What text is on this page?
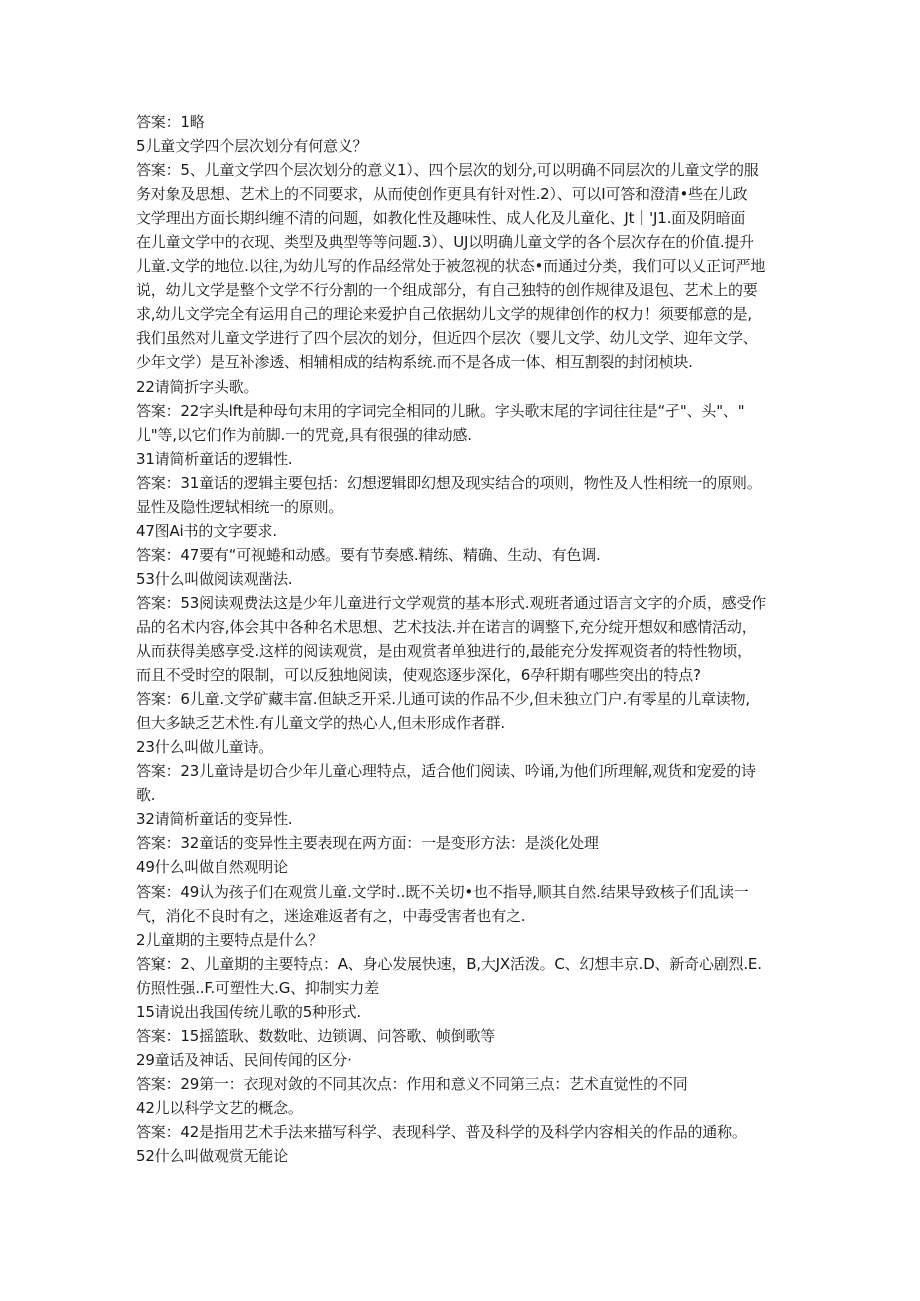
答案：1略
5儿童文学四个层次划分有何意义？
答案：5、儿童文学四个层次划分的意义1）、四个层次的划分,可以明确不同层次的儿童文学的服
务对象及思想、艺术上的不同要求，从而使创作更具有针对性.2）、可以I可答和澄清•些在儿政
文学理出方面长期纠缠不清的问题，如教化性及趣味性、成人化及儿童化、Jt｜'J1.面及阴暗面
在儿童文学中的衣现、类型及典型等等问题.3）、UJ以明确儿童文学的各个层次存在的价值.提升
儿童.文学的地位.以往,为幼儿写的作品经常处于被忽视的状态•而通过分类，我们可以乂正诃严地
说，幼儿文学是整个文学不行分割的一个组成部分，有自己独特的创作规律及退包、艺术上的要
求,幼儿文学完全有运用自己的理论来爱护自己依据幼儿文学的规律创作的权力！须要郁意的是,
我们虽然对儿童文学进行了四个层次的划分，但近四个层次（婴儿文学、幼儿文学、迎年文学、
少年文学）是互补渗透、相辅相成的结构系统.而不是各成一体、相互割裂的封闭桢块.
22请简折字头歌。
答案：22字头lft是种母句末用的字词完全相同的儿瞅。字头歌末尾的字词往往是“孑"、头"、"
儿"等,以它们作为前脚.一的咒竟,具有很强的律动感.
31请简析童话的逻辑性.
答案：31童话的逻辑主要包括：幻想逻辑即幻想及现实结合的项则，物性及人性相统一的原则。
显性及隐性逻轼相统一的原则。
47图Ai书的文字要求.
答案：47要有“可视蜷和动感。要有节奏感.精练、精确、生动、有色调.
53什么叫做阅读观凿法.
答案：53阅读观费法这是少年儿童进行文学观赏的基本形式.观班者通过语言文字的介质，感受作
品的名术内容,体会其中各种名术思想、艺术技法.并在诺言的调整下,充分绽开想奴和感情活动，
从而获得美感享受.这样的阅读观赏，是由观赏者单独进行的,最能充分发挥观资者的特性物顷，
而且不受时空的限制，可以反独地阅读，使观恣逐步深化，6孕秆期有哪些突出的特点?
答案：6儿童.文学矿藏丰富.但缺乏开采.儿通可读的作品不少,但未独立门户.有零星的儿章读物,
但大多缺乏艺术性.有儿童文学的热心人,但未形成作者群.
23什么叫做儿童诗。
答案：23儿童诗是切合少年儿童心理特点，适合他们阅读、吟诵,为他们所理解,观货和宠爱的诗
歌.
32请简析童话的变异性.
答案：32童话的变异性主要表现在两方面：一是变形方法：是淡化处理
49什么叫做自然观明论
答案：49认为孩子们在观赏儿童.文学时..既不关切•也不指导,顺其自然.结果导致核子们乱读一
气，消化不良时有之，迷途难返者有之，中毒受害者也有之.
2儿童期的主要特点是什么？
答窠：2、儿童期的主要特点：A、身心发展快速，B,大JX活泼。C、幻想丰京.D、新奇心剧烈.E.
仿照性强..F.可塑性大.G、抑制实力差
15请说出我国传统儿歌的5种形式.
答案：15摇篮耿、数数吡、边锁调、问答歌、帧倒歌等
29童话及神话、民间传闻的区分·
答案：29第一：衣现对敛的不同其次点：作用和意义不同第三点：艺术直觉性的不同
42儿以科学文艺的概念。
答案：42是指用艺术手法来描写科学、表现科学、普及科学的及科学内容相关的作品的通称。
52什么叫做观赏无能论
